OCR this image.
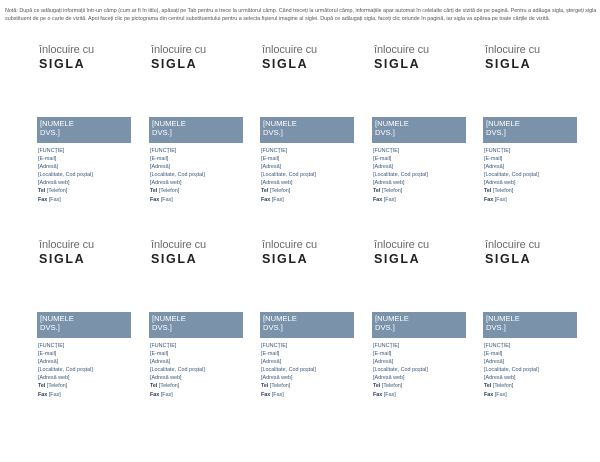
Notă: După ce adăugați informații într-un câmp (cum ar fi în titlu), apăsați pe Tab pentru a trece la următorul câmp. Când treceți la următorul câmp, informațiile apar automat în celelalte cărți de vizită de pe pagină. Pentru a adăuga sigla, ștergeți sigla substituent de pe o carte de vizită. Apoi faceți clic pe pictograma din centrul substituentului pentru a selecta fișierul imagine al siglei. După ce adăugați sigla, faceți clic oriunde în pagină, iar sigla va apărea pe toate cărțile de vizită.
înlocuire cu
SIGLA
[NUMELE
DVS.]
[FUNCȚIE]
[E-mail]
[Adresă]
[Localitate, Cod poștal]
[Adresă web]
Tel [Telefon]
Fax [Fax]
înlocuire cu
SIGLA
[NUMELE
DVS.]
[FUNCȚIE]
[E-mail]
[Adresă]
[Localitate, Cod poștal]
[Adresă web]
Tel [Telefon]
Fax [Fax]
înlocuire cu
SIGLA
[NUMELE
DVS.]
[FUNCȚIE]
[E-mail]
[Adresă]
[Localitate, Cod poștal]
[Adresă web]
Tel [Telefon]
Fax [Fax]
înlocuire cu
SIGLA
[NUMELE
DVS.]
[FUNCȚIE]
[E-mail]
[Adresă]
[Localitate, Cod poștal]
[Adresă web]
Tel [Telefon]
Fax [Fax]
înlocuire cu
SIGLA
[NUMELE
DVS.]
[FUNCȚIE]
[E-mail]
[Adresă]
[Localitate, Cod poștal]
[Adresă web]
Tel [Telefon]
Fax [Fax]
înlocuire cu
SIGLA
[NUMELE
DVS.]
[FUNCȚIE]
[E-mail]
[Adresă]
[Localitate, Cod poștal]
[Adresă web]
Tel [Telefon]
Fax [Fax]
înlocuire cu
SIGLA
[NUMELE
DVS.]
[FUNCȚIE]
[E-mail]
[Adresă]
[Localitate, Cod poștal]
[Adresă web]
Tel [Telefon]
Fax [Fax]
înlocuire cu
SIGLA
[NUMELE
DVS.]
[FUNCȚIE]
[E-mail]
[Adresă]
[Localitate, Cod poștal]
[Adresă web]
Tel [Telefon]
Fax [Fax]
înlocuire cu
SIGLA
[NUMELE
DVS.]
[FUNCȚIE]
[E-mail]
[Adresă]
[Localitate, Cod poștal]
[Adresă web]
Tel [Telefon]
Fax [Fax]
înlocuire cu
SIGLA
[NUMELE
DVS.]
[FUNCȚIE]
[E-mail]
[Adresă]
[Localitate, Cod poștal]
[Adresă web]
Tel [Telefon]
Fax [Fax]
